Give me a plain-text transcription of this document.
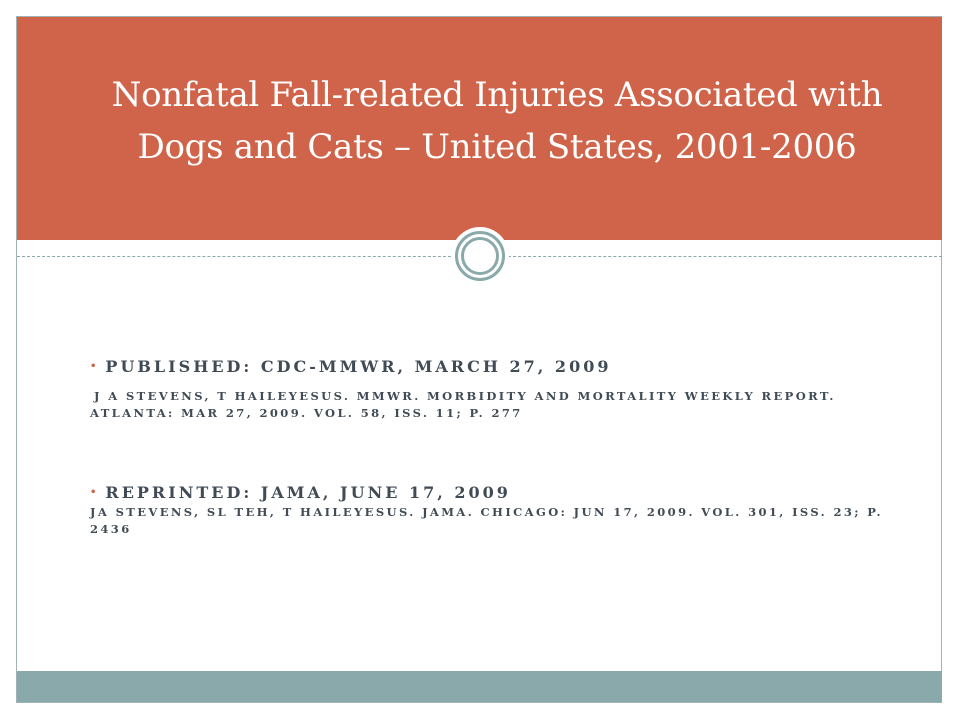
Nonfatal Fall-related Injuries Associated with Dogs and Cats – United States, 2001-2006
• PUBLISHED: CDC-MMWR, MARCH 27, 2009
J A STEVENS, T HAILEYESUS. MMWR. MORBIDITY AND MORTALITY WEEKLY REPORT. ATLANTA: MAR 27, 2009. VOL. 58, ISS. 11; P. 277
• REPRINTED: JAMA, JUNE 17, 2009
JA STEVENS, SL TEH, T HAILEYESUS. JAMA. CHICAGO: JUN 17, 2009. VOL. 301, ISS. 23; P. 2436
